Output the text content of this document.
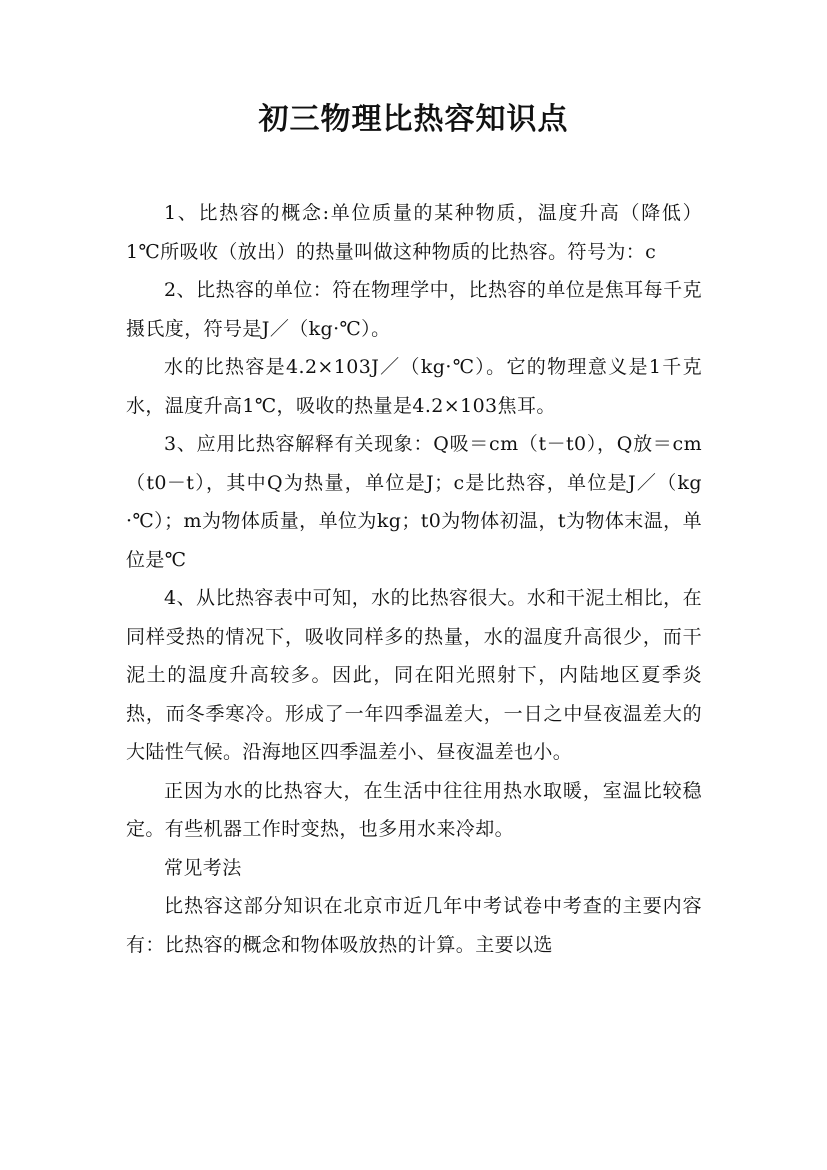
初三物理比热容知识点

1、比热容的概念:单位质量的某种物质，温度升高（降低）1℃所吸收（放出）的热量叫做这种物质的比热容。符号为：c

2、比热容的单位：符在物理学中，比热容的单位是焦耳每千克摄氏度，符号是J／（kg·℃）。

水的比热容是4.2×103J／（kg·℃）。它的物理意义是1千克水，温度升高1℃，吸收的热量是4.2×103焦耳。

3、应用比热容解释有关现象：Q吸＝cm（t－t0），Q放＝cm（t0－t），其中Q为热量，单位是J；c是比热容，单位是J／（kg·℃）；m为物体质量，单位为kg；t0为物体初温，t为物体末温，单位是℃

4、从比热容表中可知，水的比热容很大。水和干泥土相比，在同样受热的情况下，吸收同样多的热量，水的温度升高很少，而干泥土的温度升高较多。因此，同在阳光照射下，内陆地区夏季炎热，而冬季寒冷。形成了一年四季温差大，一日之中昼夜温差大的大陆性气候。沿海地区四季温差小、昼夜温差也小。

正因为水的比热容大，在生活中往往用热水取暖，室温比较稳定。有些机器工作时变热，也多用水来冷却。

常见考法

比热容这部分知识在北京市近几年中考试卷中考查的主要内容有：比热容的概念和物体吸放热的计算。主要以选
